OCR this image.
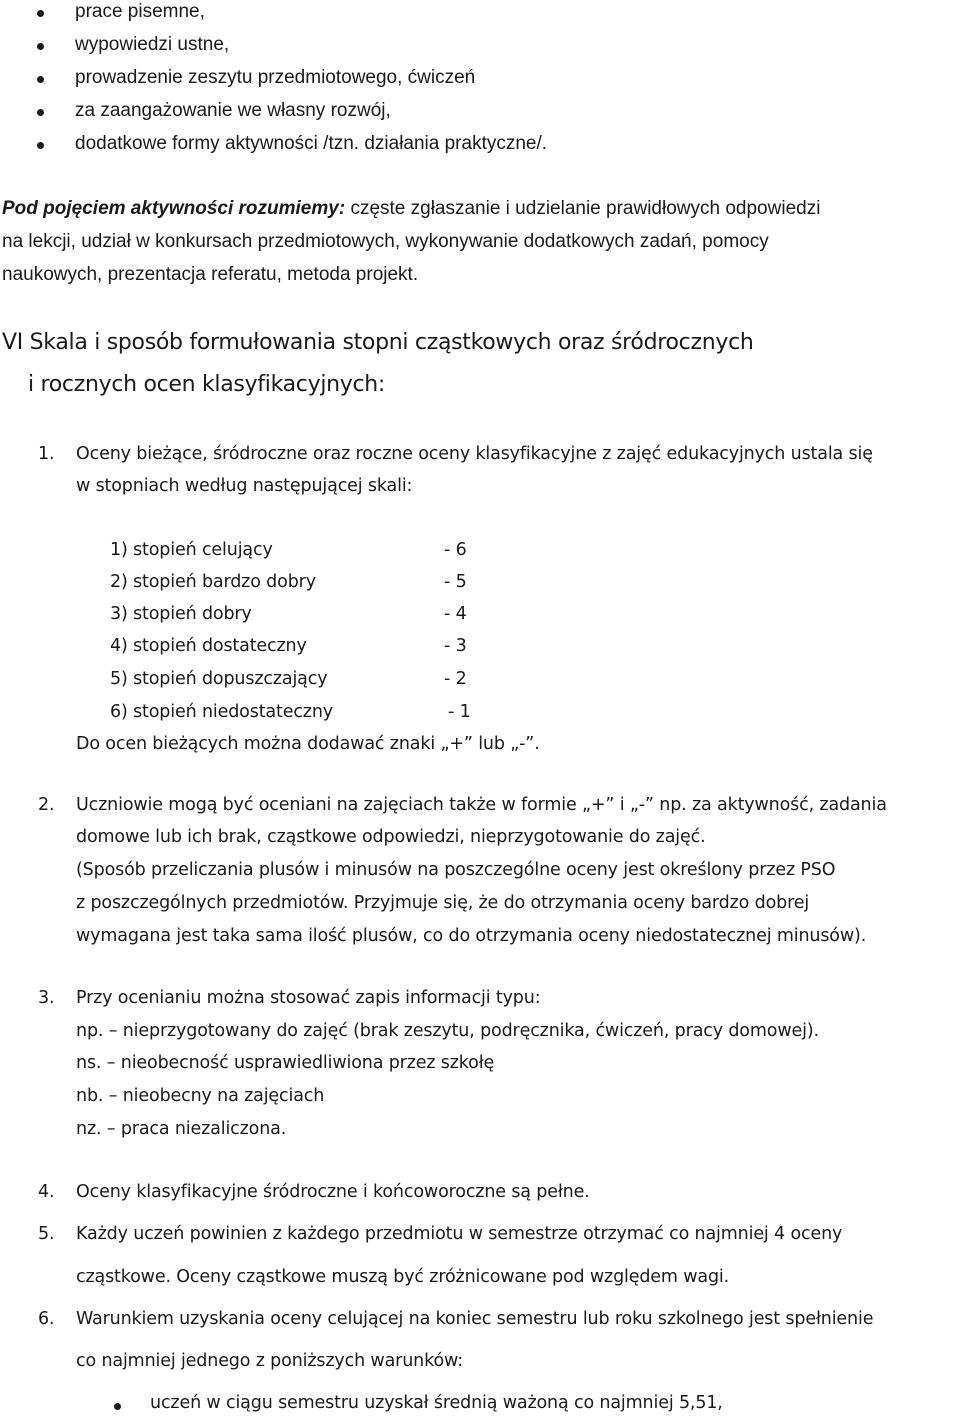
prace pisemne,
wypowiedzi ustne,
prowadzenie zeszytu przedmiotowego, ćwiczeń
za zaangażowanie we własny rozwój,
dodatkowe formy aktywności /tzn. działania praktyczne/.
Pod pojęciem aktywności rozumiemy: częste zgłaszanie i udzielanie prawidłowych odpowiedzi
na lekcji, udział w konkursach przedmiotowych, wykonywanie dodatkowych zadań, pomocy
naukowych, prezentacja referatu, metoda projekt.
VI Skala i sposób formułowania stopni cząstkowych oraz śródrocznych
i rocznych ocen klasyfikacyjnych:
1. Oceny bieżące, śródroczne oraz roczne oceny klasyfikacyjne z zajęć edukacyjnych ustala się
w stopniach według następującej skali:
1) stopień celujący	- 6
2) stopień bardzo dobry	- 5
3) stopień dobry	- 4
4) stopień dostateczny	- 3
5) stopień dopuszczający	- 2
6) stopień niedostateczny	- 1
Do ocen bieżących można dodawać znaki „+” lub „-”.
2. Uczniowie mogą być oceniani na zajęciach także w formie „+” i „-” np. za aktywność, zadania
domowe lub ich brak, cząstkowe odpowiedzi, nieprzygotowanie do zajęć.
(Sposób przeliczania plusów i minusów na poszczególne oceny jest określony przez PSO
z poszczególnych przedmiotów. Przyjmuje się, że do otrzymania oceny bardzo dobrej
wymagana jest taka sama ilość plusów, co do otrzymania oceny niedostatecznej minusów).
3. Przy ocenianiu można stosować zapis informacji typu:
np. – nieprzygotowany do zajęć (brak zeszytu, podręcznika, ćwiczeń, pracy domowej).
ns. – nieobecność usprawiedliwiona przez szkołę
nb. – nieobecny na zajęciach
nz. – praca niezaliczona.
4. Oceny klasyfikacyjne śródroczne i końcoworoczne są pełne.
5. Każdy uczeń powinien z każdego przedmiotu w semestrze otrzymać co najmniej 4 oceny
cząstkowe. Oceny cząstkowe muszą być zróżnicowane pod względem wagi.
6. Warunkiem uzyskania oceny celującej na koniec semestru lub roku szkolnego jest spełnienie
co najmniej jednego z poniższych warunków:
uczeń w ciągu semestru uzyskał średnią ważoną co najmniej 5,51,
